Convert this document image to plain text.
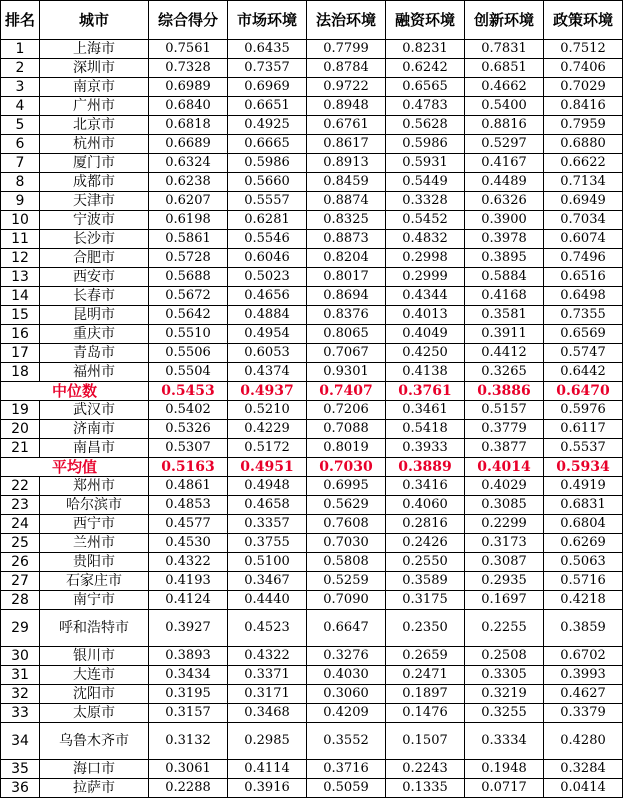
排名	城市	综合得分	市场环境	法治环境	融资环境	创新环境	政策环境
1	上海市	0.7561	0.6435	0.7799	0.8231	0.7831	0.7512
2	深圳市	0.7328	0.7357	0.8784	0.6242	0.6851	0.7406
3	南京市	0.6989	0.6969	0.9722	0.6565	0.4662	0.7029
4	广州市	0.6840	0.6651	0.8948	0.4783	0.5400	0.8416
5	北京市	0.6818	0.4925	0.6761	0.5628	0.8816	0.7959
6	杭州市	0.6689	0.6665	0.8617	0.5986	0.5297	0.6880
7	厦门市	0.6324	0.5986	0.8913	0.5931	0.4167	0.6622
8	成都市	0.6238	0.5660	0.8459	0.5449	0.4489	0.7134
9	天津市	0.6207	0.5557	0.8874	0.3328	0.6326	0.6949
10	宁波市	0.6198	0.6281	0.8325	0.5452	0.3900	0.7034
11	长沙市	0.5861	0.5546	0.8873	0.4832	0.3978	0.6074
12	合肥市	0.5728	0.6046	0.8204	0.2998	0.3895	0.7496
13	西安市	0.5688	0.5023	0.8017	0.2999	0.5884	0.6516
14	长春市	0.5672	0.4656	0.8694	0.4344	0.4168	0.6498
15	昆明市	0.5642	0.4884	0.8376	0.4013	0.3581	0.7355
16	重庆市	0.5510	0.4954	0.8065	0.4049	0.3911	0.6569
17	青岛市	0.5506	0.6053	0.7067	0.4250	0.4412	0.5747
18	福州市	0.5504	0.4374	0.9301	0.4138	0.3265	0.6442
中位数		0.5453	0.4937	0.7407	0.3761	0.3886	0.6470
19	武汉市	0.5402	0.5210	0.7206	0.3461	0.5157	0.5976
20	济南市	0.5326	0.4229	0.7088	0.5418	0.3779	0.6117
21	南昌市	0.5307	0.5172	0.8019	0.3933	0.3877	0.5537
平均值		0.5163	0.4951	0.7030	0.3889	0.4014	0.5934
22	郑州市	0.4861	0.4948	0.6995	0.3416	0.4029	0.4919
23	哈尔滨市	0.4853	0.4658	0.5629	0.4060	0.3085	0.6831
24	西宁市	0.4577	0.3357	0.7608	0.2816	0.2299	0.6804
25	兰州市	0.4530	0.3755	0.7030	0.2426	0.3173	0.6269
26	贵阳市	0.4322	0.5100	0.5808	0.2550	0.3087	0.5063
27	石家庄市	0.4193	0.3467	0.5259	0.3589	0.2935	0.5716
28	南宁市	0.4124	0.4440	0.7090	0.3175	0.1697	0.4218
29	呼和浩特市	0.3927	0.4523	0.6647	0.2350	0.2255	0.3859
30	银川市	0.3893	0.4322	0.3276	0.2659	0.2508	0.6702
31	大连市	0.3434	0.3371	0.4030	0.2471	0.3305	0.3993
32	沈阳市	0.3195	0.3171	0.3060	0.1897	0.3219	0.4627
33	太原市	0.3157	0.3468	0.4209	0.1476	0.3255	0.3379
34	乌鲁木齐市	0.3132	0.2985	0.3552	0.1507	0.3334	0.4280
35	海口市	0.3061	0.4114	0.3716	0.2243	0.1948	0.3284
36	拉萨市	0.2288	0.3916	0.5059	0.1335	0.0717	0.0414
